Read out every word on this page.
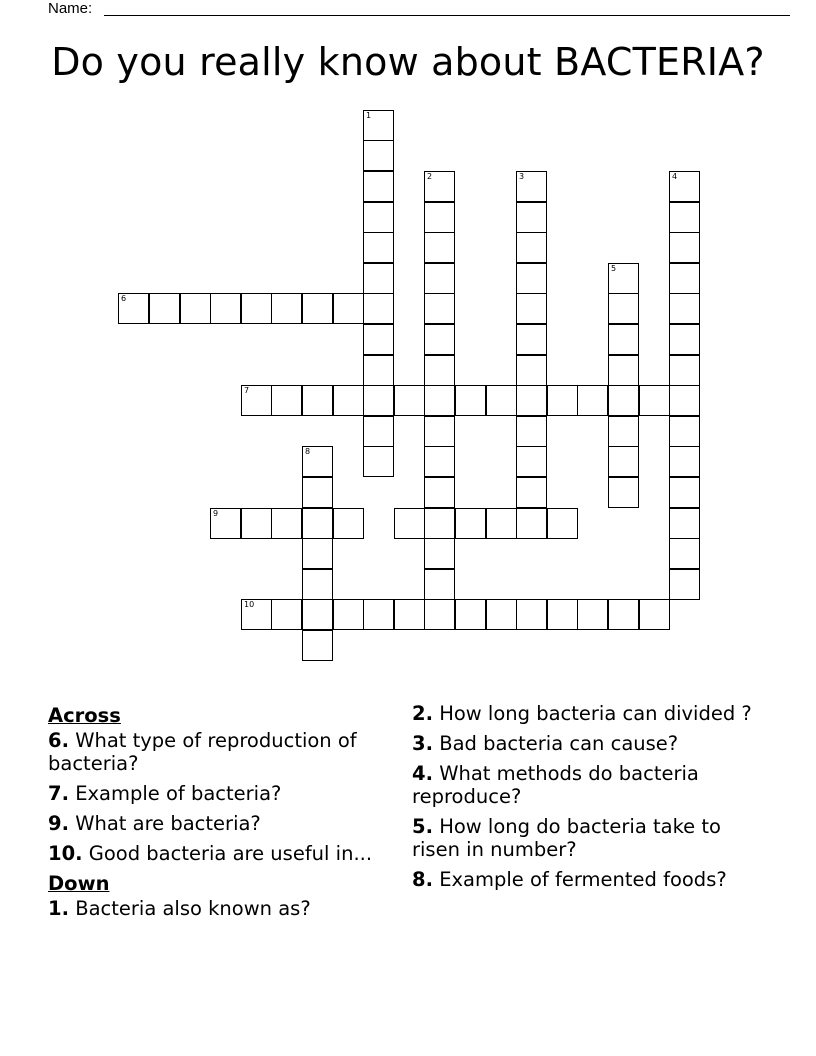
Name:
Do you really know about BACTERIA?
1
2	3	4
5
6
7
8
9
10
Across
6. What type of reproduction of bacteria?
7. Example of bacteria?
9. What are bacteria?
10. Good bacteria are useful in...
Down
1. Bacteria also known as?
2. How long bacteria can divided ?
3. Bad bacteria can cause?
4. What methods do bacteria reproduce?
5. How long do bacteria take to risen in number?
8. Example of fermented foods?
